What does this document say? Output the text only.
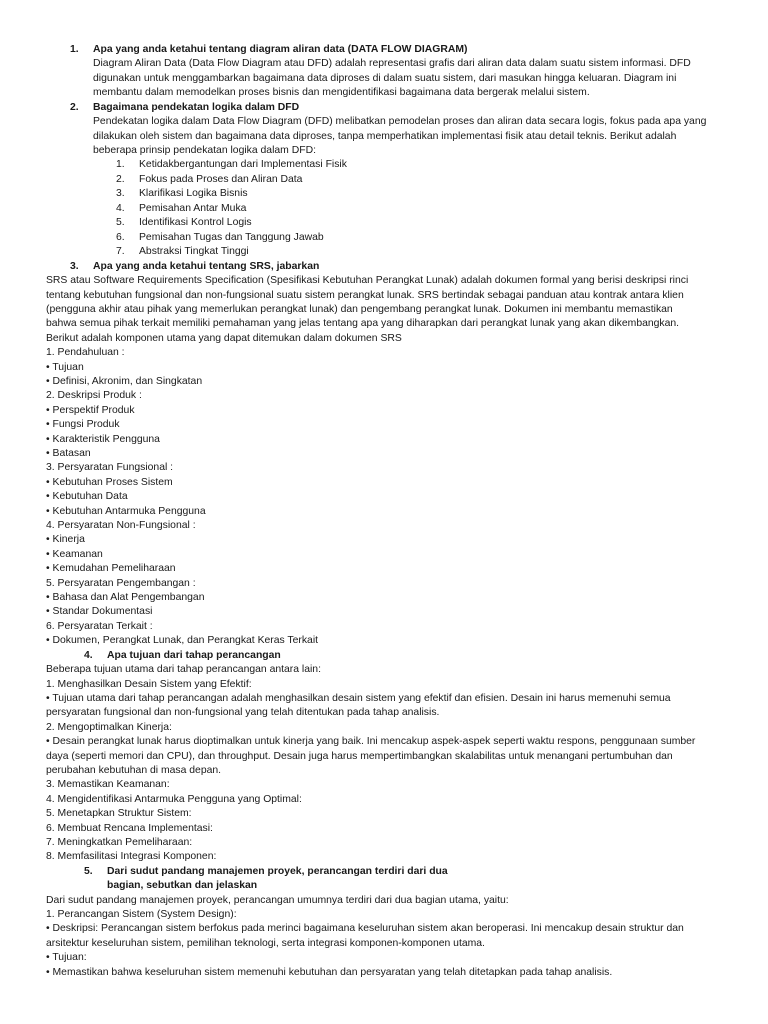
1. Apa yang anda ketahui tentang diagram aliran data (DATA FLOW DIAGRAM)
Diagram Aliran Data (Data Flow Diagram atau DFD) adalah representasi grafis dari aliran data dalam suatu sistem informasi. DFD
digunakan untuk menggambarkan bagaimana data diproses di dalam suatu sistem, dari masukan hingga keluaran. Diagram ini
membantu dalam memodelkan proses bisnis dan mengidentifikasi bagaimana data bergerak melalui sistem.
2. Bagaimana pendekatan logika dalam DFD
Pendekatan logika dalam Data Flow Diagram (DFD) melibatkan pemodelan proses dan aliran data secara logis, fokus pada apa yang
dilakukan oleh sistem dan bagaimana data diproses, tanpa memperhatikan implementasi fisik atau detail teknis. Berikut adalah
beberapa prinsip pendekatan logika dalam DFD:
1. Ketidakbergantungan dari Implementasi Fisik
2. Fokus pada Proses dan Aliran Data
3. Klarifikasi Logika Bisnis
4. Pemisahan Antar Muka
5. Identifikasi Kontrol Logis
6. Pemisahan Tugas dan Tanggung Jawab
7. Abstraksi Tingkat Tinggi
3. Apa yang anda ketahui tentang SRS, jabarkan
SRS atau Software Requirements Specification (Spesifikasi Kebutuhan Perangkat Lunak) adalah dokumen formal yang berisi deskripsi rinci
tentang kebutuhan fungsional dan non-fungsional suatu sistem perangkat lunak. SRS bertindak sebagai panduan atau kontrak antara klien
(pengguna akhir atau pihak yang memerlukan perangkat lunak) dan pengembang perangkat lunak. Dokumen ini membantu memastikan
bahwa semua pihak terkait memiliki pemahaman yang jelas tentang apa yang diharapkan dari perangkat lunak yang akan dikembangkan.
Berikut adalah komponen utama yang dapat ditemukan dalam dokumen SRS
1. Pendahuluan :
• Tujuan
• Definisi, Akronim, dan Singkatan
2. Deskripsi Produk :
• Perspektif Produk
• Fungsi Produk
• Karakteristik Pengguna
• Batasan
3. Persyaratan Fungsional :
• Kebutuhan Proses Sistem
• Kebutuhan Data
• Kebutuhan Antarmuka Pengguna
4. Persyaratan Non-Fungsional :
• Kinerja
• Keamanan
• Kemudahan Pemeliharaan
5. Persyaratan Pengembangan :
• Bahasa dan Alat Pengembangan
• Standar Dokumentasi
6. Persyaratan Terkait :
• Dokumen, Perangkat Lunak, dan Perangkat Keras Terkait
4. Apa tujuan dari tahap perancangan
Beberapa tujuan utama dari tahap perancangan antara lain:
1. Menghasilkan Desain Sistem yang Efektif:
• Tujuan utama dari tahap perancangan adalah menghasilkan desain sistem yang efektif dan efisien. Desain ini harus memenuhi semua
persyaratan fungsional dan non-fungsional yang telah ditentukan pada tahap analisis.
2. Mengoptimalkan Kinerja:
• Desain perangkat lunak harus dioptimalkan untuk kinerja yang baik. Ini mencakup aspek-aspek seperti waktu respons, penggunaan sumber
daya (seperti memori dan CPU), dan throughput. Desain juga harus mempertimbangkan skalabilitas untuk menangani pertumbuhan dan
perubahan kebutuhan di masa depan.
3. Memastikan Keamanan:
4. Mengidentifikasi Antarmuka Pengguna yang Optimal:
5. Menetapkan Struktur Sistem:
6. Membuat Rencana Implementasi:
7. Meningkatkan Pemeliharaan:
8. Memfasilitasi Integrasi Komponen:
5. Dari sudut pandang manajemen proyek, perancangan terdiri dari dua
bagian, sebutkan dan jelaskan
Dari sudut pandang manajemen proyek, perancangan umumnya terdiri dari dua bagian utama, yaitu:
1. Perancangan Sistem (System Design):
• Deskripsi: Perancangan sistem berfokus pada merinci bagaimana keseluruhan sistem akan beroperasi. Ini mencakup desain struktur dan
arsitektur keseluruhan sistem, pemilihan teknologi, serta integrasi komponen-komponen utama.
• Tujuan:
• Memastikan bahwa keseluruhan sistem memenuhi kebutuhan dan persyaratan yang telah ditetapkan pada tahap analisis.
